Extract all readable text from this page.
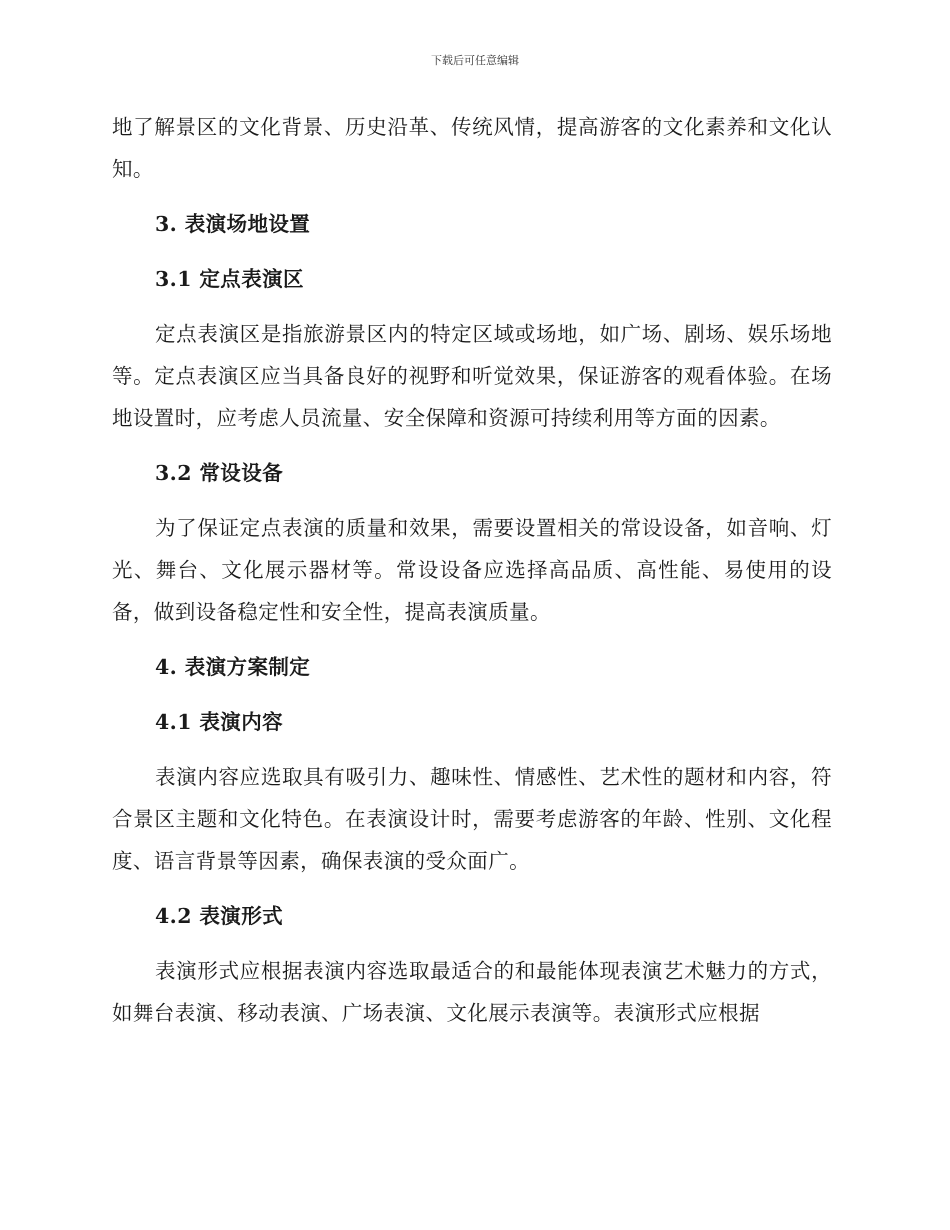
下载后可任意编辑

地了解景区的文化背景、历史沿革、传统风情，提高游客的文化素养和文化认知。

3. 表演场地设置
3.1 定点表演区

定点表演区是指旅游景区内的特定区域或场地，如广场、剧场、娱乐场地等。定点表演区应当具备良好的视野和听觉效果，保证游客的观看体验。在场地设置时，应考虑人员流量、安全保障和资源可持续利用等方面的因素。

3.2 常设设备

为了保证定点表演的质量和效果，需要设置相关的常设设备，如音响、灯光、舞台、文化展示器材等。常设设备应选择高品质、高性能、易使用的设备，做到设备稳定性和安全性，提高表演质量。

4. 表演方案制定
4.1 表演内容

表演内容应选取具有吸引力、趣味性、情感性、艺术性的题材和内容，符合景区主题和文化特色。在表演设计时，需要考虑游客的年龄、性别、文化程度、语言背景等因素，确保表演的受众面广。

4.2 表演形式

表演形式应根据表演内容选取最适合的和最能体现表演艺术魅力的方式，如舞台表演、移动表演、广场表演、文化展示表演等。表演形式应根据
